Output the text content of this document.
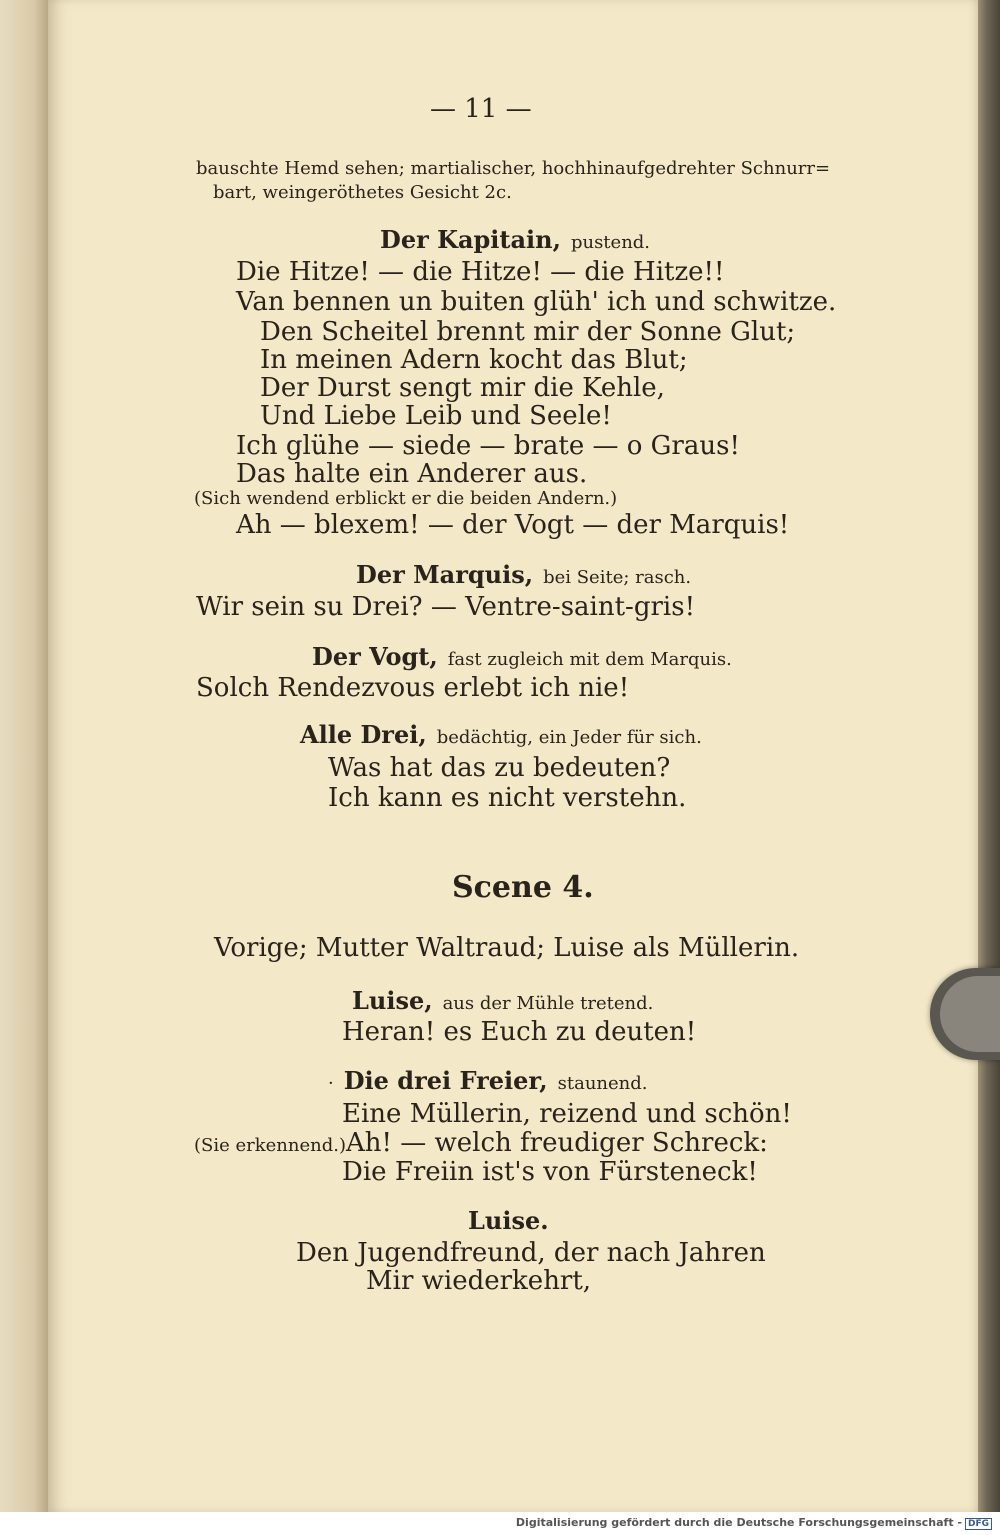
— 11 —
bauschte Hemd sehen; martialischer, hochhinaufgedrehter Schnurr=
bart, weingeröthetes Gesicht 2c.
Der Kapitain, pustend.
Die Hitze! — die Hitze! — die Hitze!!
Van bennen un buiten glüh' ich und schwitze.
Den Scheitel brennt mir der Sonne Glut;
In meinen Adern kocht das Blut;
Der Durst sengt mir die Kehle,
Und Liebe Leib und Seele!
Ich glühe — siede — brate — o Graus!
Das halte ein Anderer aus.
(Sich wendend erblickt er die beiden Andern.)
Ah — blexem! — der Vogt — der Marquis!
Der Marquis, bei Seite; rasch.
Wir sein su Drei? — Ventre-saint-gris!
Der Vogt, fast zugleich mit dem Marquis.
Solch Rendezvous erlebt ich nie!
Alle Drei, bedächtig, ein Jeder für sich.
Was hat das zu bedeuten?
Ich kann es nicht verstehn.
Scene 4.
Vorige; Mutter Waltraud; Luise als Müllerin.
Luise, aus der Mühle tretend.
Heran! es Euch zu deuten!
· Die drei Freier, staunend.
Eine Müllerin, reizend und schön!
(Sie erkennend.)Ah! — welch freudiger Schreck:
Die Freiin ist's von Fürsteneck!
Luise.
Den Jugendfreund, der nach Jahren
Mir wiederkehrt,
Digitalisierung gefördert durch die Deutsche Forschungsgemeinschaft - DFG
